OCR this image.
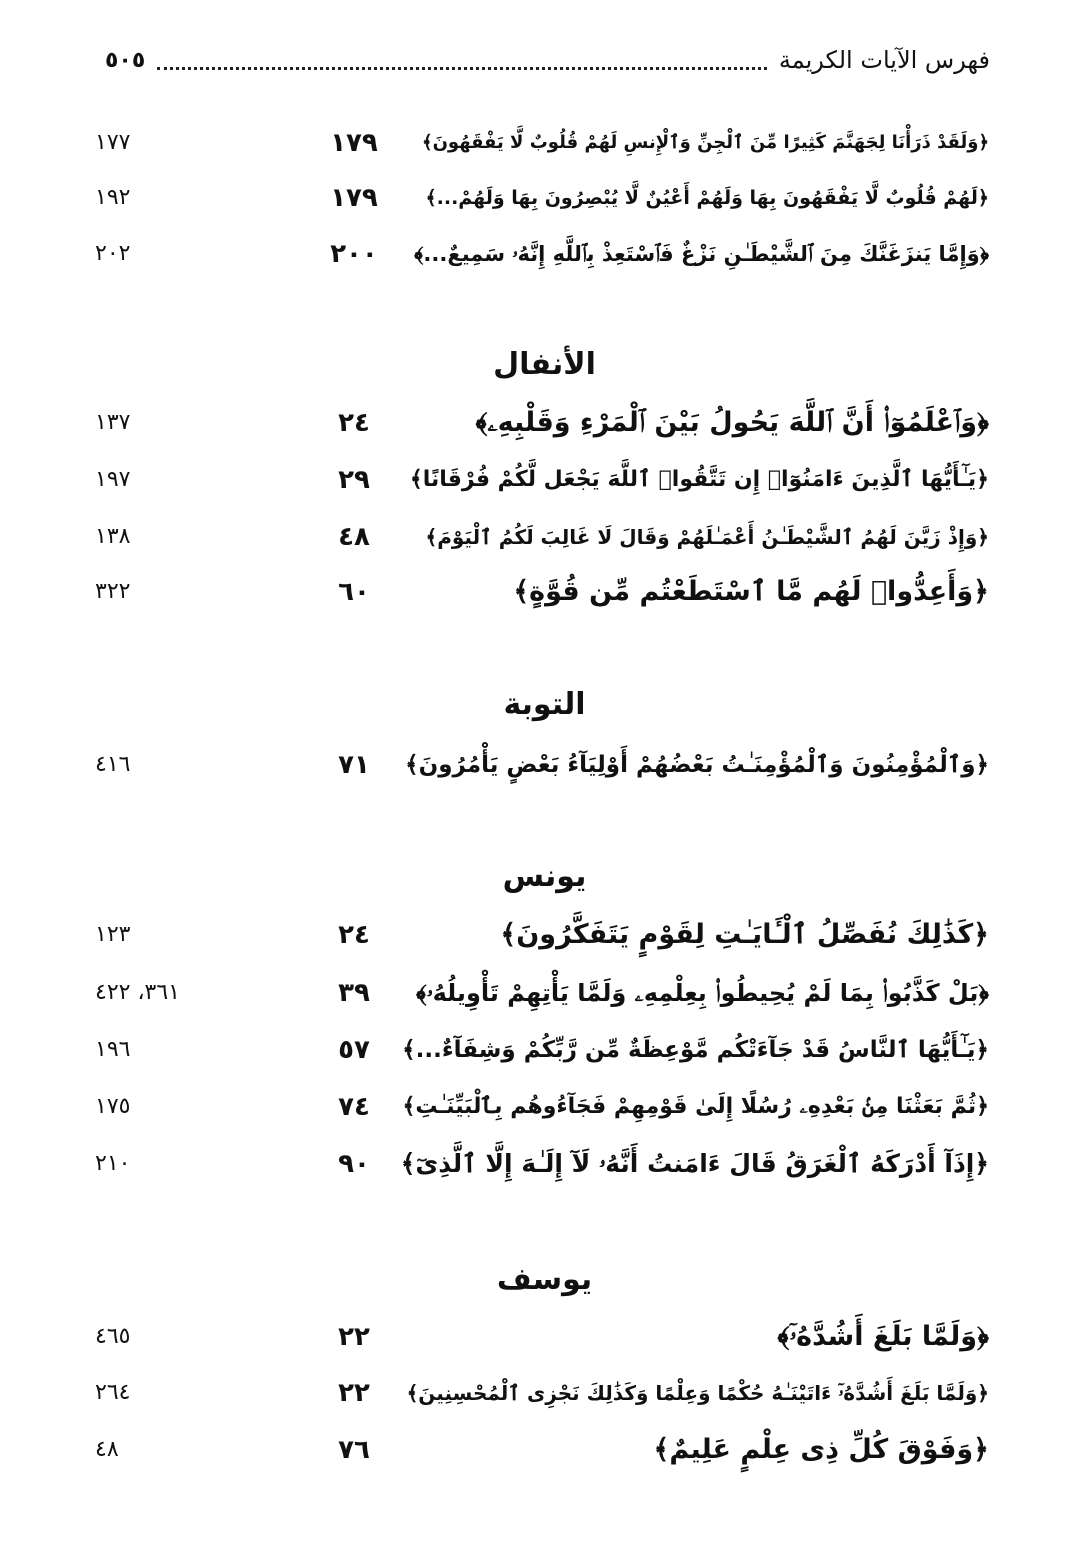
فهرس الآيات الكريمة
٥٠٥
﴿وَلَقَدْ ذَرَأْنَا لِجَهَنَّمَ كَثِيرًا مِّنَ ٱلْجِنِّ وَٱلْإِنسِ لَهُمْ قُلُوبٌ لَّا يَفْقَهُونَ﴾
١٧٩
١٧٧
﴿لَهُمْ قُلُوبٌ لَّا يَفْقَهُونَ بِهَا وَلَهُمْ أَعْيُنٌ لَّا يُبْصِرُونَ بِهَا وَلَهُمْ...﴾
١٧٩
١٩٢
﴿وَإِمَّا يَنزَغَنَّكَ مِنَ ٱلشَّيْطَـٰنِ نَزْغٌ فَٱسْتَعِذْ بِٱللَّهِ إِنَّهُۥ سَمِيعٌ...﴾
٢٠٠
٢٠٢
الأنفال
﴿وَٱعْلَمُوٓا۟ أَنَّ ٱللَّهَ يَحُولُ بَيْنَ ٱلْمَرْءِ وَقَلْبِهِۦ﴾
٢٤
١٣٧
﴿يَـٰٓأَيُّهَا ٱلَّذِينَ ءَامَنُوٓا۟ إِن تَتَّقُوا۟ ٱللَّهَ يَجْعَل لَّكُمْ فُرْقَانًا﴾
٢٩
١٩٧
﴿وَإِذْ زَيَّنَ لَهُمُ ٱلشَّيْطَـٰنُ أَعْمَـٰلَهُمْ وَقَالَ لَا غَالِبَ لَكُمُ ٱلْيَوْمَ﴾
٤٨
١٣٨
﴿وَأَعِدُّوا۟ لَهُم مَّا ٱسْتَطَعْتُم مِّن قُوَّةٍ﴾
٦٠
٣٢٢
التوبة
﴿وَٱلْمُؤْمِنُونَ وَٱلْمُؤْمِنَـٰتُ بَعْضُهُمْ أَوْلِيَآءُ بَعْضٍ يَأْمُرُونَ﴾
٧١
٤١٦
يونس
﴿كَذَٰلِكَ نُفَصِّلُ ٱلْـَٔايَـٰتِ لِقَوْمٍ يَتَفَكَّرُونَ﴾
٢٤
١٢٣
﴿بَلْ كَذَّبُوا۟ بِمَا لَمْ يُحِيطُوا۟ بِعِلْمِهِۦ وَلَمَّا يَأْتِهِمْ تَأْوِيلُهُۥ﴾
٣٩
٣٦١، ٤٢٢
﴿يَـٰٓأَيُّهَا ٱلنَّاسُ قَدْ جَآءَتْكُم مَّوْعِظَةٌ مِّن رَّبِّكُمْ وَشِفَآءٌ...﴾
٥٧
١٩٦
﴿ثُمَّ بَعَثْنَا مِنۢ بَعْدِهِۦ رُسُلًا إِلَىٰ قَوْمِهِمْ فَجَآءُوهُم بِٱلْبَيِّنَـٰتِ﴾
٧٤
١٧٥
﴿إِذَآ أَدْرَكَهُ ٱلْغَرَقُ قَالَ ءَامَنتُ أَنَّهُۥ لَآ إِلَـٰهَ إِلَّا ٱلَّذِىٓ﴾
٩٠
٢١٠
يوسف
﴿وَلَمَّا بَلَغَ أَشُدَّهُۥٓ﴾
٢٢
٤٦٥
﴿وَلَمَّا بَلَغَ أَشُدَّهُۥٓ ءَاتَيْنَـٰهُ حُكْمًا وَعِلْمًا وَكَذَٰلِكَ نَجْزِى ٱلْمُحْسِنِينَ﴾
٢٢
٢٦٤
﴿وَفَوْقَ كُلِّ ذِى عِلْمٍ عَلِيمٌ﴾
٧٦
٤٨
